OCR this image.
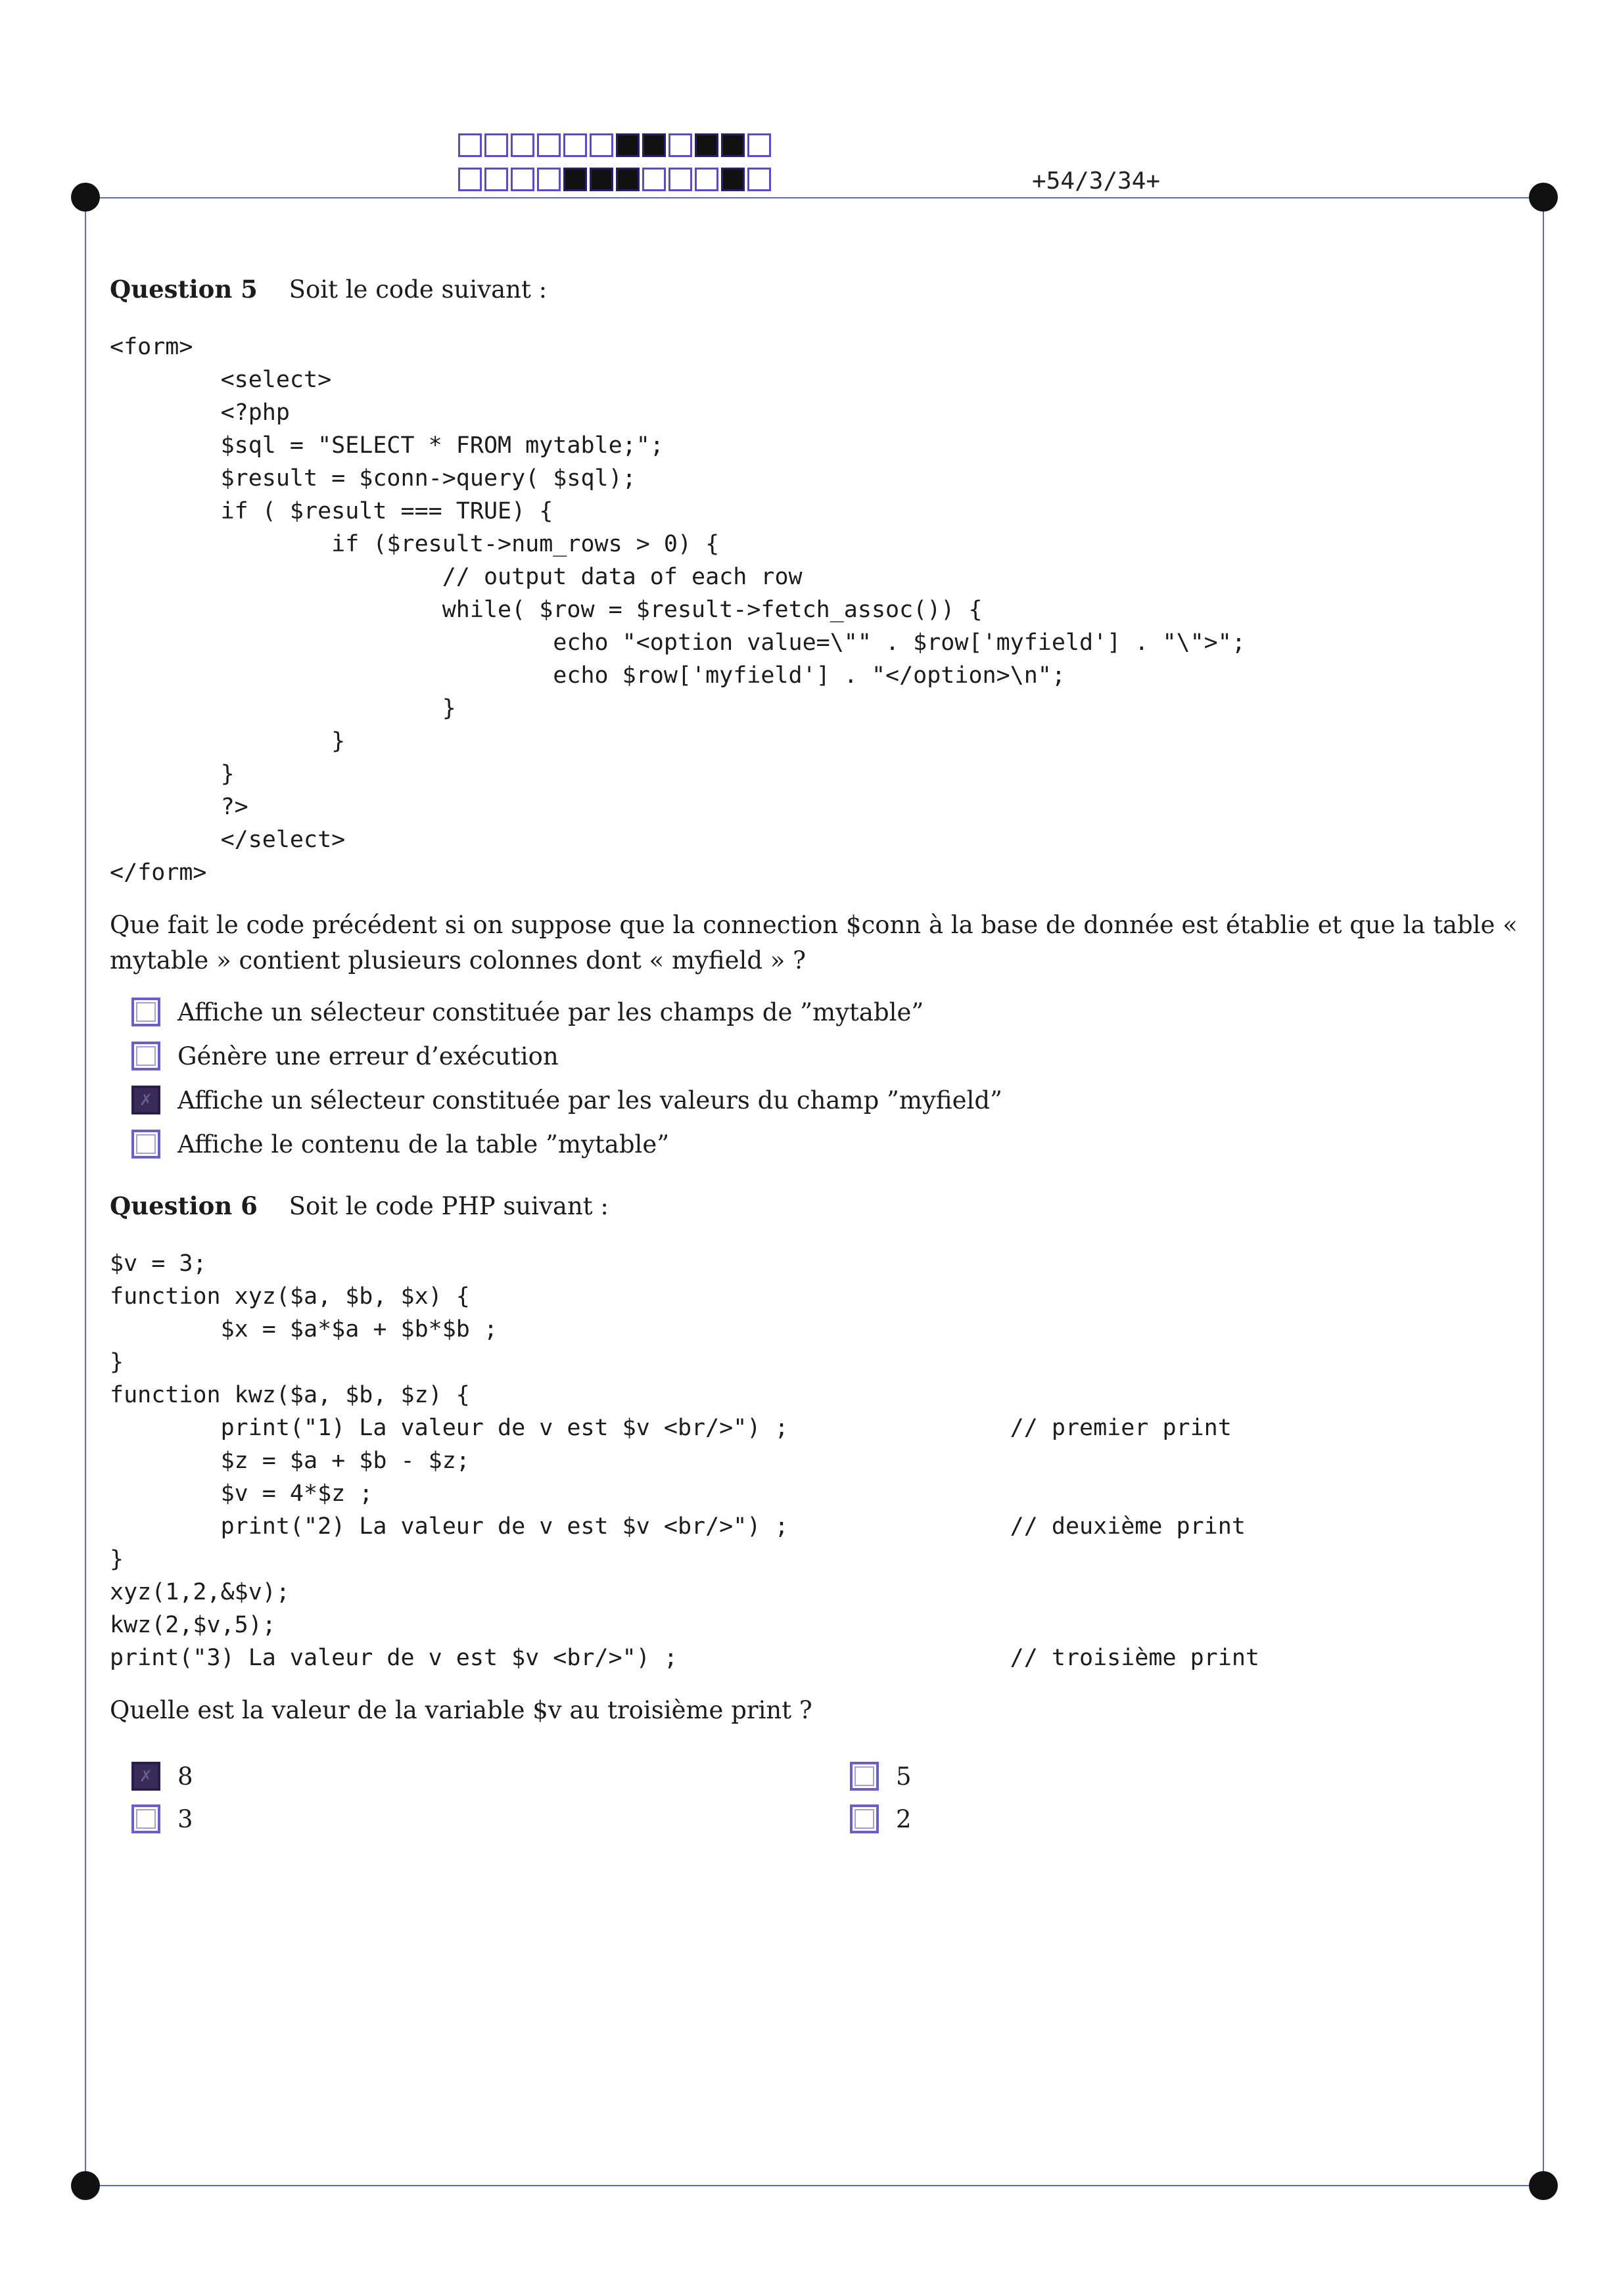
+54/3/34+
Question 5 Soit le code suivant :
<form>
<select>
<?php
$sql = "SELECT * FROM mytable;";
$result = $conn->query( $sql);
if ( $result === TRUE) {
if ($result->num_rows > 0) {
// output data of each row
while( $row = $result->fetch_assoc()) {
echo "<option value=\"" . $row['myfield'] . "\">";
echo $row['myfield'] . "</option>\n";
}
}
}
?>
</select>
</form>
Que fait le code précédent si on suppose que la connection $conn à la base de donnée est établie et que la table « mytable » contient plusieurs colonnes dont « myfield » ?
Affiche un sélecteur constituée par les champs de ”mytable”
Génère une erreur d’exécution
✗ Affiche un sélecteur constituée par les valeurs du champ ”myfield”
Affiche le contenu de la table ”mytable”
Question 6 Soit le code PHP suivant :
$v = 3;
function xyz($a, $b, $x) {
$x = $a*$a + $b*$b ;
}
function kwz($a, $b, $z) {
print("1) La valeur de v est $v <br/>") ;                // premier print
$z = $a + $b - $z;
$v = 4*$z ;
print("2) La valeur de v est $v <br/>") ;                // deuxième print
}
xyz(1,2,&$v);
kwz(2,$v,5);
print("3) La valeur de v est $v <br/>") ;                        // troisième print
Quelle est la valeur de la variable $v au troisième print ?
✗ 8	5
3	2
